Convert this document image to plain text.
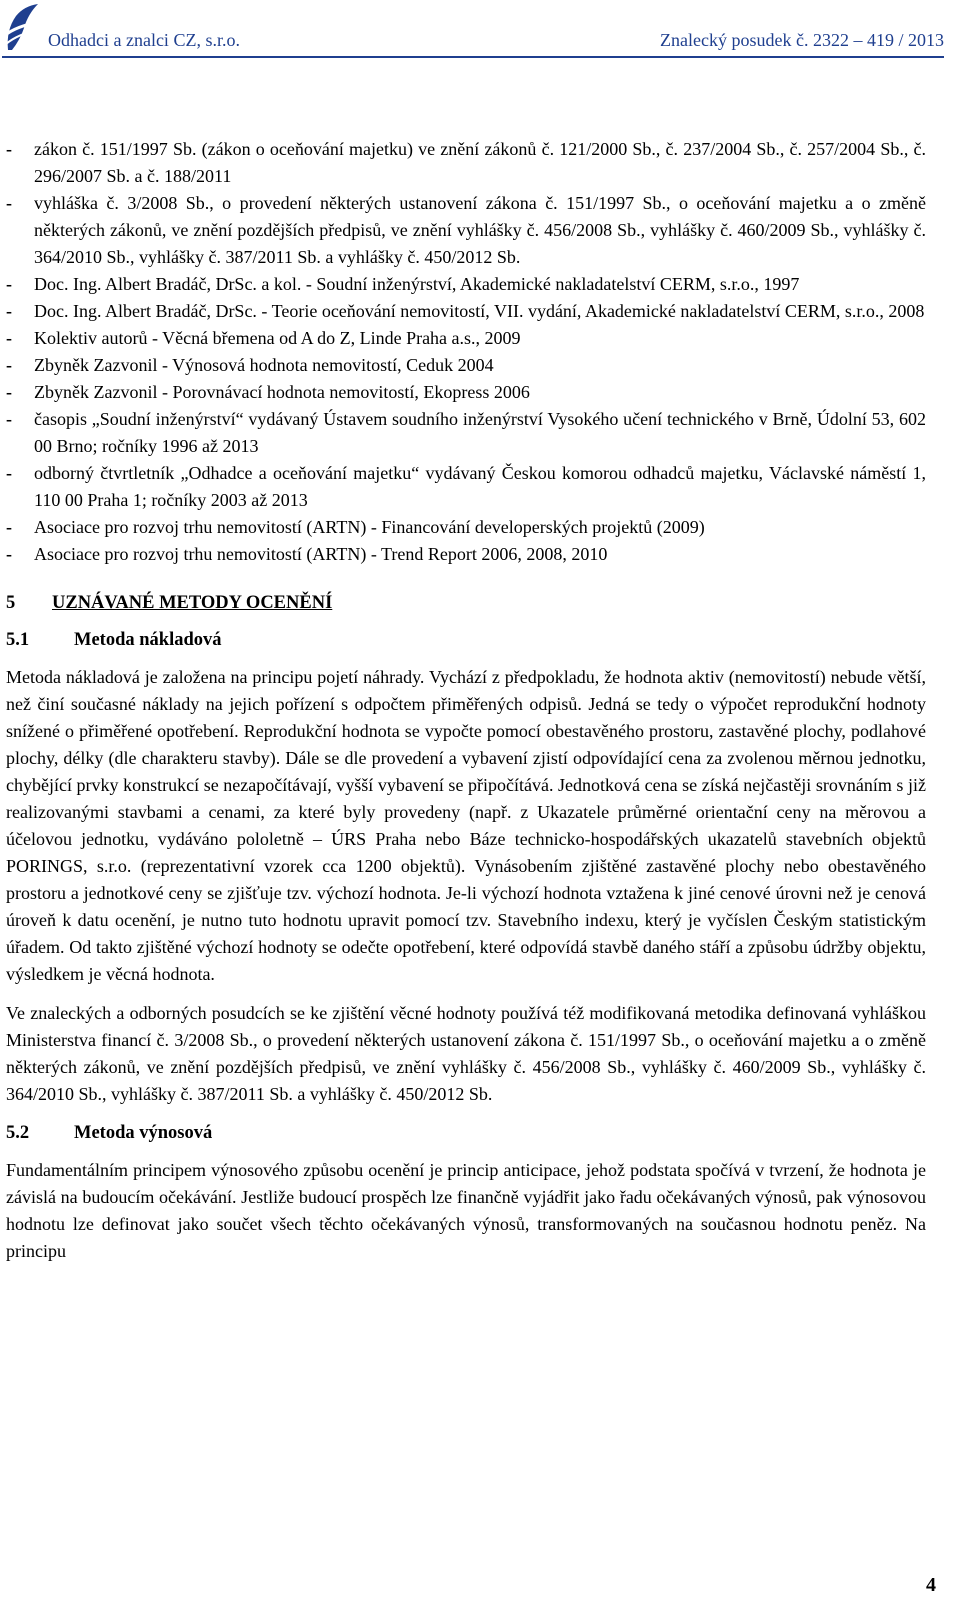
Odhadci a znalci CZ, s.r.o.	Znalecký posudek č. 2322 – 419 / 2013
- zákon č. 151/1997 Sb. (zákon o oceňování majetku) ve znění zákonů č. 121/2000 Sb., č. 237/2004 Sb., č. 257/2004 Sb., č. 296/2007 Sb. a č. 188/2011
- vyhláška č. 3/2008 Sb., o provedení některých ustanovení zákona č. 151/1997 Sb., o oceňování majetku a o změně některých zákonů, ve znění pozdějších předpisů, ve znění vyhlášky č. 456/2008 Sb., vyhlášky č. 460/2009 Sb., vyhlášky č. 364/2010 Sb., vyhlášky č. 387/2011 Sb. a vyhlášky č. 450/2012 Sb.
- Doc. Ing. Albert Bradáč, DrSc. a kol. - Soudní inženýrství, Akademické nakladatelství CERM, s.r.o., 1997
- Doc. Ing. Albert Bradáč, DrSc. - Teorie oceňování nemovitostí, VII. vydání, Akademické nakladatelství CERM, s.r.o., 2008
- Kolektiv autorů - Věcná břemena od A do Z, Linde Praha a.s., 2009
- Zbyněk Zazvonil - Výnosová hodnota nemovitostí, Ceduk 2004
- Zbyněk Zazvonil - Porovnávací hodnota nemovitostí, Ekopress 2006
- časopis „Soudní inženýrství“ vydávaný Ústavem soudního inženýrství Vysokého učení technického v Brně, Údolní 53, 602 00 Brno; ročníky 1996 až 2013
- odborný čtvrtletník „Odhadce a oceňování majetku“ vydávaný Českou komorou odhadců majetku, Václavské náměstí 1, 110 00 Praha 1; ročníky 2003 až 2013
- Asociace pro rozvoj trhu nemovitostí (ARTN) - Financování developerských projektů (2009)
- Asociace pro rozvoj trhu nemovitostí (ARTN) - Trend Report 2006, 2008, 2010
5	UZNÁVANÉ METODY OCENĚNÍ
5.1	Metoda nákladová

Metoda nákladová je založena na principu pojetí náhrady. Vychází z předpokladu, že hodnota aktiv (nemovitostí) nebude větší, než činí současné náklady na jejich pořízení s odpočtem přiměřených odpisů. Jedná se tedy o výpočet reprodukční hodnoty snížené o přiměřené opotřebení. Reprodukční hodnota se vypočte pomocí obestavěného prostoru, zastavěné plochy, podlahové plochy, délky (dle charakteru stavby). Dále se dle provedení a vybavení zjistí odpovídající cena za zvolenou měrnou jednotku, chybějící prvky konstrukcí se nezapočítávají, vyšší vybavení se připočítává. Jednotková cena se získá nejčastěji srovnáním s již realizovanými stavbami a cenami, za které byly provedeny (např. z Ukazatele průměrné orientační ceny na měrovou a účelovou jednotku, vydáváno pololetně – ÚRS Praha nebo Báze technicko-hospodářských ukazatelů stavebních objektů PORINGS, s.r.o. (reprezentativní vzorek cca 1200 objektů). Vynásobením zjištěné zastavěné plochy nebo obestavěného prostoru a jednotkové ceny se zjišťuje tzv. výchozí hodnota. Je-li výchozí hodnota vztažena k jiné cenové úrovni než je cenová úroveň k datu ocenění, je nutno tuto hodnotu upravit pomocí tzv. Stavebního indexu, který je vyčíslen Českým statistickým úřadem. Od takto zjištěné výchozí hodnoty se odečte opotřebení, které odpovídá stavbě daného stáří a způsobu údržby objektu, výsledkem je věcná hodnota.

Ve znaleckých a odborných posudcích se ke zjištění věcné hodnoty používá též modifikovaná metodika definovaná vyhláškou Ministerstva financí č. 3/2008 Sb., o provedení některých ustanovení zákona č. 151/1997 Sb., o oceňování majetku a o změně některých zákonů, ve znění pozdějších předpisů, ve znění vyhlášky č. 456/2008 Sb., vyhlášky č. 460/2009 Sb., vyhlášky č. 364/2010 Sb., vyhlášky č. 387/2011 Sb. a vyhlášky č. 450/2012 Sb.

5.2	Metoda výnosová

Fundamentálním principem výnosového způsobu ocenění je princip anticipace, jehož podstata spočívá v tvrzení, že hodnota je závislá na budoucím očekávání. Jestliže budoucí prospěch lze finančně vyjádřit jako řadu očekávaných výnosů, pak výnosovou hodnotu lze definovat jako součet všech těchto očekávaných výnosů, transformovaných na současnou hodnotu peněz. Na principu

4
